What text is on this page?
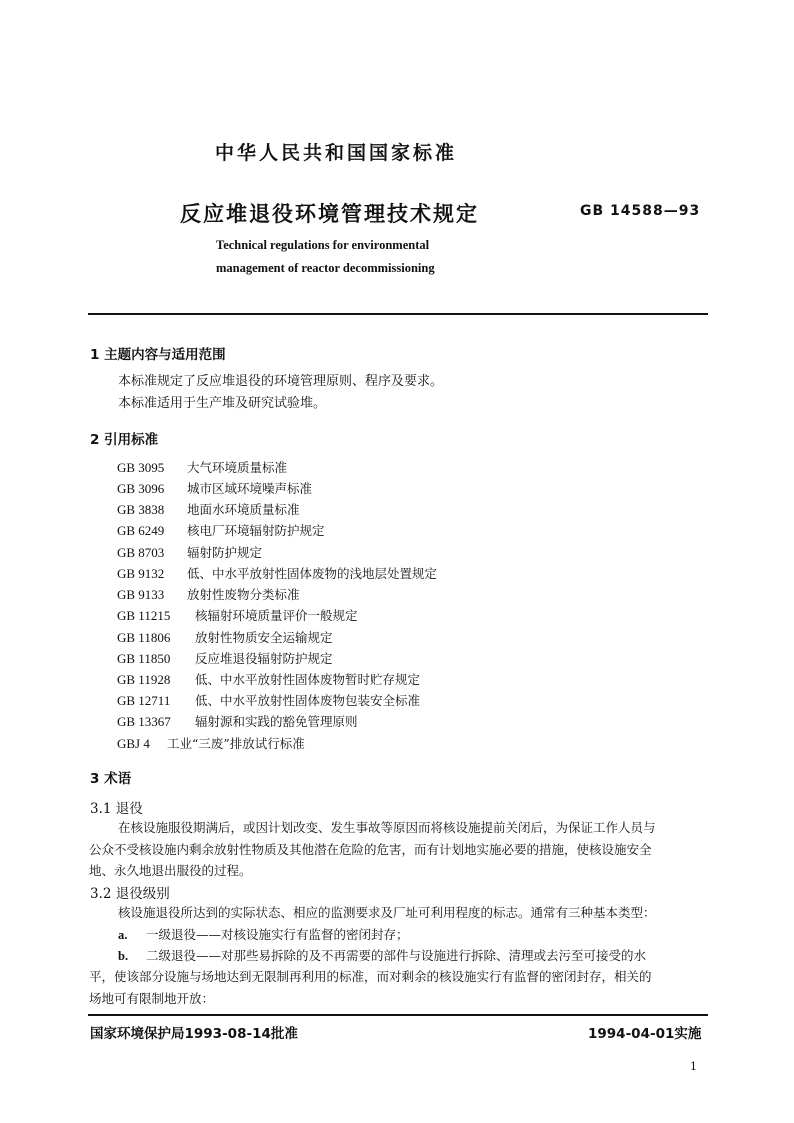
中华人民共和国国家标准
反应堆退役环境管理技术规定	GB 14588—93
Technical regulations for environmental
management of reactor decommissioning
1 主题内容与适用范围
本标准规定了反应堆退役的环境管理原则、程序及要求。
本标准适用于生产堆及研究试验堆。
2 引用标准
GB 3095 大气环境质量标准
GB 3096 城市区域环境噪声标准
GB 3838 地面水环境质量标准
GB 6249 核电厂环境辐射防护规定
GB 8703 辐射防护规定
GB 9132 低、中水平放射性固体废物的浅地层处置规定
GB 9133 放射性废物分类标准
GB 11215 核辐射环境质量评价一般规定
GB 11806 放射性物质安全运输规定
GB 11850 反应堆退役辐射防护规定
GB 11928 低、中水平放射性固体废物暂时贮存规定
GB 12711 低、中水平放射性固体废物包装安全标准
GB 13367 辐射源和实践的豁免管理原则
GBJ 4 工业“三废”排放试行标准
3 术语
3.1 退役
在核设施服役期满后，或因计划改变、发生事故等原因而将核设施提前关闭后，为保证工作人员与
公众不受核设施内剩余放射性物质及其他潜在危险的危害，而有计划地实施必要的措施，使核设施安全
地、永久地退出服役的过程。
3.2 退役级别
核设施退役所达到的实际状态、相应的监测要求及厂址可利用程度的标志。通常有三种基本类型：
a. 一级退役——对核设施实行有监督的密闭封存；
b. 二级退役——对那些易拆除的及不再需要的部件与设施进行拆除、清理或去污至可接受的水
平，使该部分设施与场地达到无限制再利用的标准，而对剩余的核设施实行有监督的密闭封存，相关的
场地可有限制地开放：
国家环境保护局1993-08-14批准	1994-04-01实施
1
